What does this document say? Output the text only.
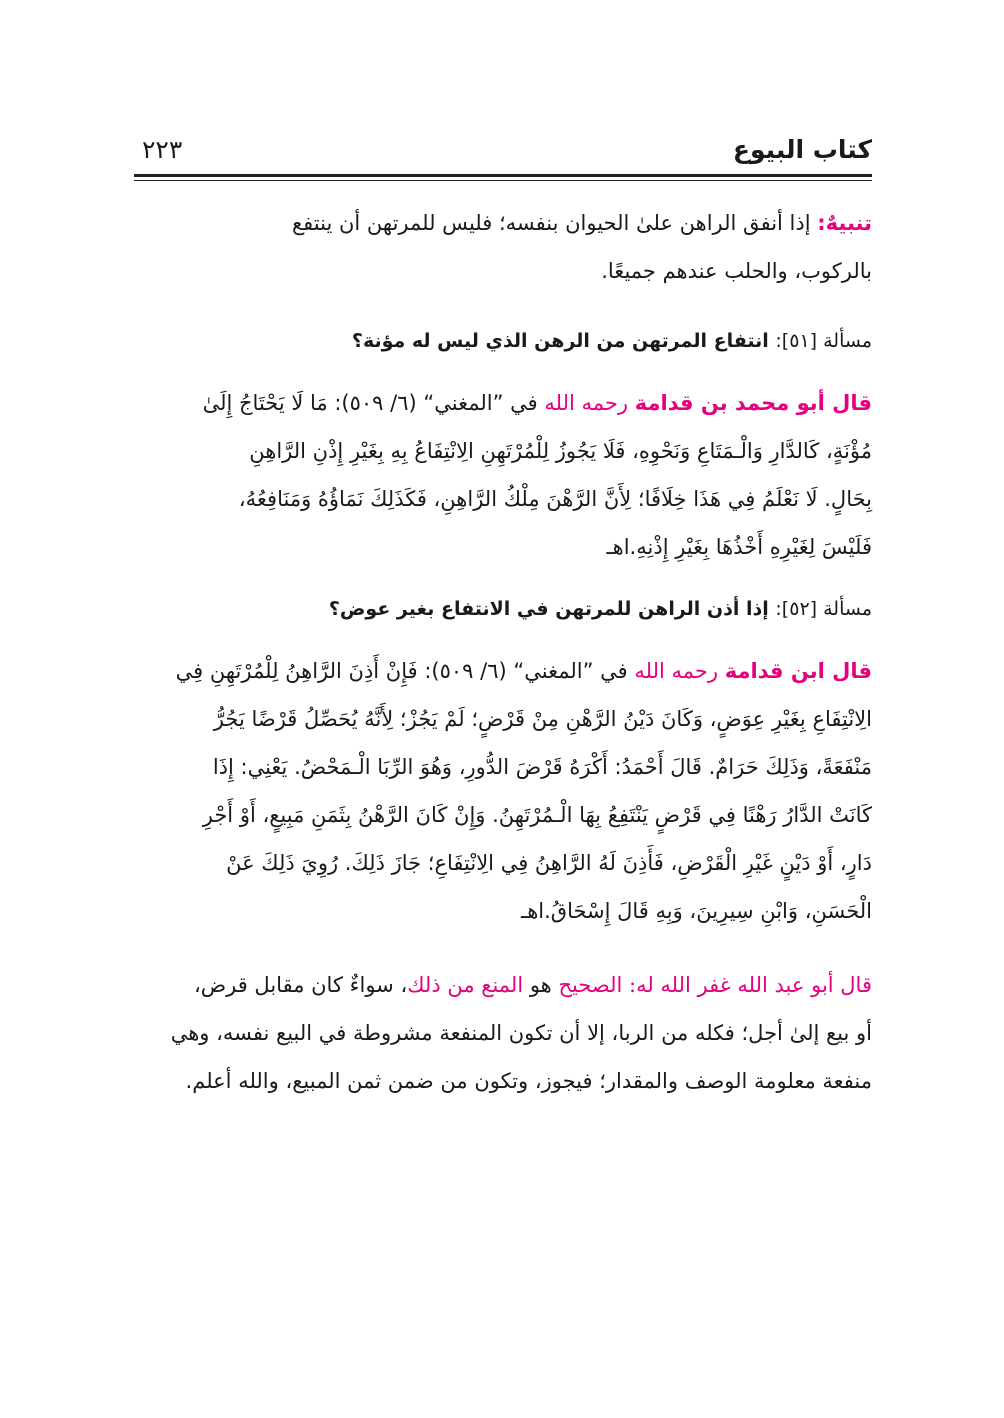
كتاب البيوع
٢٢٣

تنبيهٌ: إذا أنفق الراهن علىٰ الحيوان بنفسه؛ فليس للمرتهن أن ينتفع

بالركوب، والحلب عندهم جميعًا.

مسألة [٥١]: انتفاع المرتهن من الرهن الذي ليس له مؤنة؟

قال أبو محمد بن قدامة رحمه الله في ”المغني“ (٦/ ٥٠٩): مَا لَا يَحْتَاجُ إِلَىٰ

مُؤْنَةٍ، كَالدَّارِ وَالْـمَتَاعِ وَنَحْوِهِ، فَلَا يَجُوزُ لِلْمُرْتَهِنِ الِانْتِفَاعُ بِهِ بِغَيْرِ إِذْنِ الرَّاهِنِ

بِحَالٍ. لَا نَعْلَمُ فِي هَذَا خِلَافًا؛ لِأَنَّ الرَّهْنَ مِلْكُ الرَّاهِنِ، فَكَذَلِكَ نَمَاؤُهُ وَمَنَافِعُهُ،

فَلَيْسَ لِغَيْرِهِ أَخْذُهَا بِغَيْرِ إِذْنِهِ.اهـ

مسألة [٥٢]: إذا أذن الراهن للمرتهن في الانتفاع بغير عوض؟

قال ابن قدامة رحمه الله في ”المغني“ (٦/ ٥٠٩): فَإِنْ أَذِنَ الرَّاهِنُ لِلْمُرْتَهِنِ فِي

الِانْتِفَاعِ بِغَيْرِ عِوَضٍ، وَكَانَ دَيْنُ الرَّهْنِ مِنْ قَرْضٍ؛ لَمْ يَجُزْ؛ لِأَنَّهُ يُحَصِّلُ قَرْضًا يَجُرُّ

مَنْفَعَةً، وَذَلِكَ حَرَامٌ. قَالَ أَحْمَدُ: أَكْرَهُ قَرْضَ الدُّورِ، وَهُوَ الرِّبَا الْـمَحْضُ. يَعْنِي: إِذَا

كَانَتْ الدَّارُ رَهْنًا فِي قَرْضٍ يَنْتَفِعُ بِهَا الْـمُرْتَهِنُ. وَإِنْ كَانَ الرَّهْنُ بِثَمَنِ مَبِيعٍ، أَوْ أَجْرِ

دَارٍ، أَوْ دَيْنٍ غَيْرِ الْقَرْضِ، فَأَذِنَ لَهُ الرَّاهِنُ فِي الِانْتِفَاعِ؛ جَازَ ذَلِكَ. رُوِيَ ذَلِكَ عَنْ

الْحَسَنِ، وَابْنِ سِيرِينَ، وَبِهِ قَالَ إِسْحَاقُ.اهـ

قال أبو عبد الله غفر الله له: الصحيح هو المنع من ذلك، سواءٌ كان مقابل قرض،

أو بيع إلىٰ أجل؛ فكله من الربا، إلا أن تكون المنفعة مشروطة في البيع نفسه، وهي

منفعة معلومة الوصف والمقدار؛ فيجوز، وتكون من ضمن ثمن المبيع، والله أعلم.
